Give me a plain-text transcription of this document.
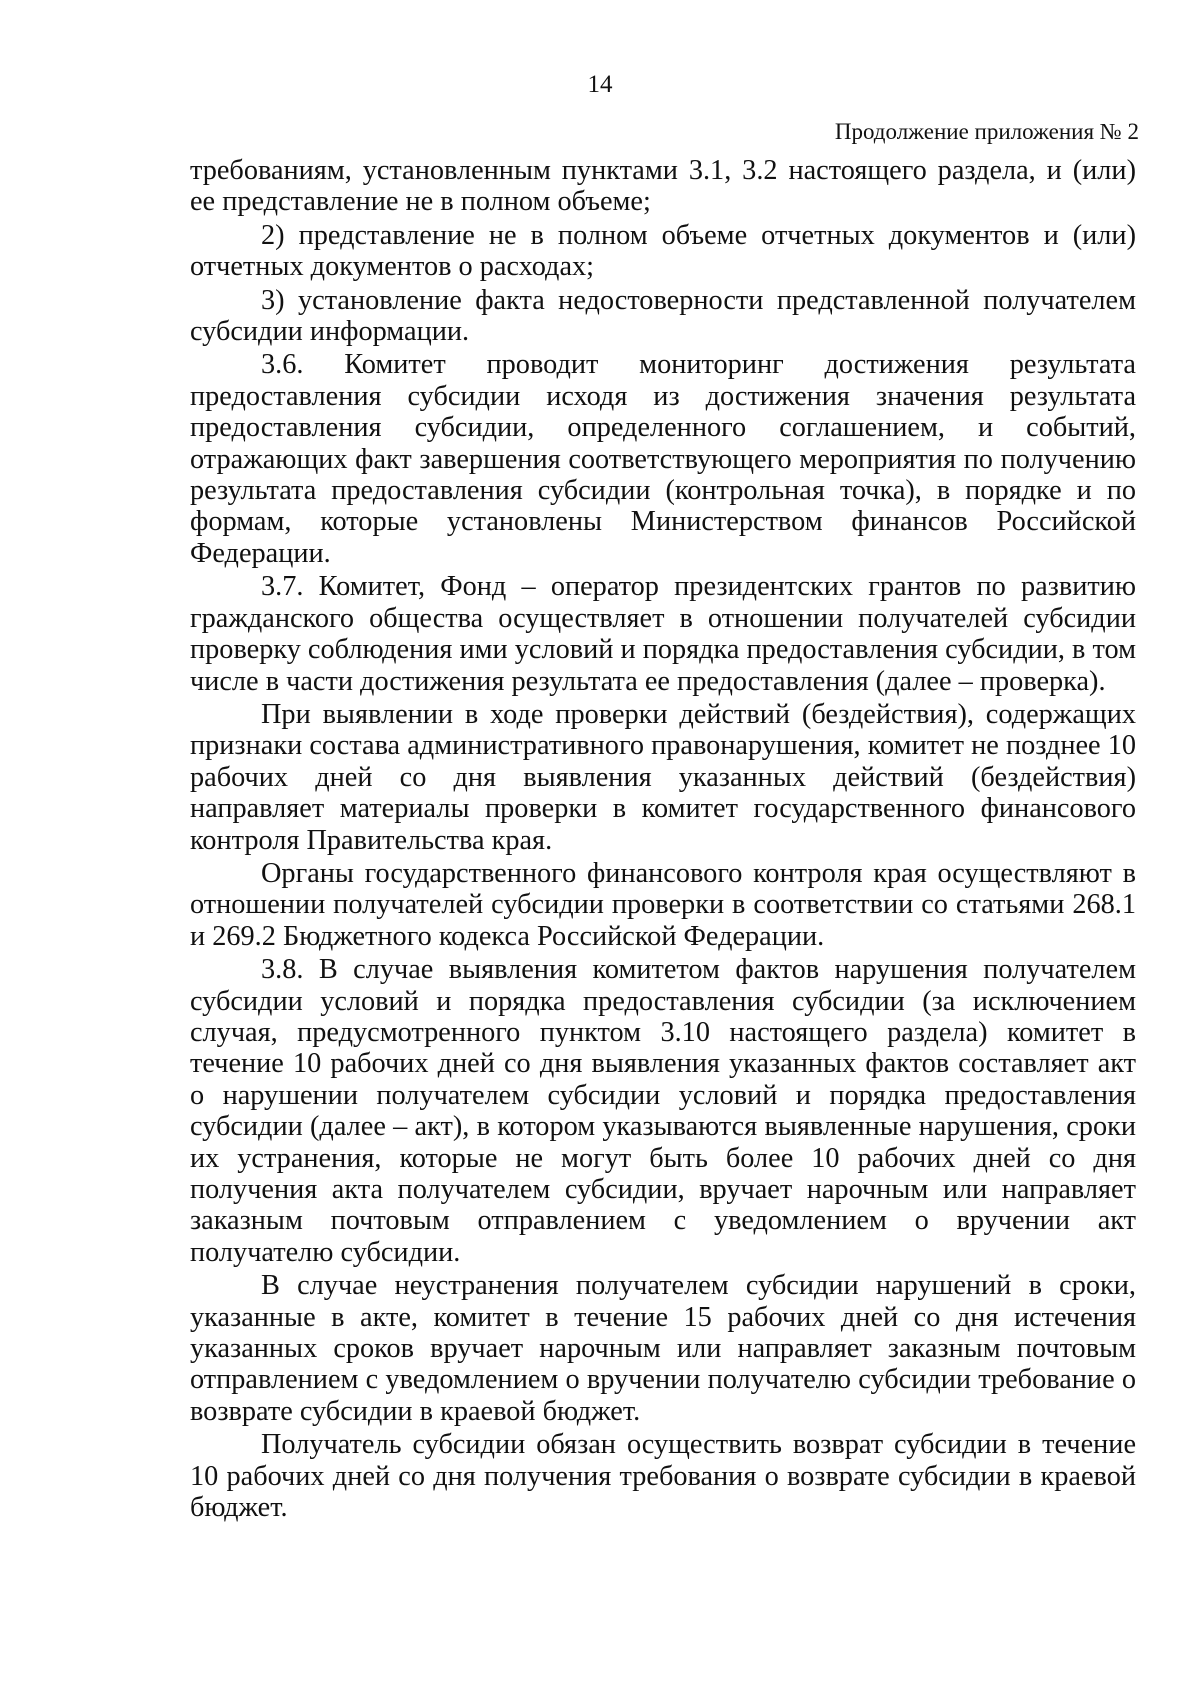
14
Продолжение приложения № 2

требованиям, установленным пунктами 3.1, 3.2 настоящего раздела, и (или) ее представление не в полном объеме;

2) представление не в полном объеме отчетных документов и (или) отчетных документов о расходах;

3) установление факта недостоверности представленной получателем субсидии информации.

3.6. Комитет проводит мониторинг достижения результата предоставления субсидии исходя из достижения значения результата предоставления субсидии, определенного соглашением, и событий, отражающих факт завершения соответствующего мероприятия по получению результата предоставления субсидии (контрольная точка), в порядке и по формам, которые установлены Министерством финансов Российской Федерации.

3.7. Комитет, Фонд – оператор президентских грантов по развитию гражданского общества осуществляет в отношении получателей субсидии проверку соблюдения ими условий и порядка предоставления субсидии, в том числе в части достижения результата ее предоставления (далее – проверка).

При выявлении в ходе проверки действий (бездействия), содержащих признаки состава административного правонарушения, комитет не позднее 10 рабочих дней со дня выявления указанных действий (бездействия) направляет материалы проверки в комитет государственного финансового контроля Правительства края.

Органы государственного финансового контроля края осуществляют в отношении получателей субсидии проверки в соответствии со статьями 268.1 и 269.2 Бюджетного кодекса Российской Федерации.

3.8. В случае выявления комитетом фактов нарушения получателем субсидии условий и порядка предоставления субсидии (за исключением случая, предусмотренного пунктом 3.10 настоящего раздела) комитет в течение 10 рабочих дней со дня выявления указанных фактов составляет акт о нарушении получателем субсидии условий и порядка предоставления субсидии (далее – акт), в котором указываются выявленные нарушения, сроки их устранения, которые не могут быть более 10 рабочих дней со дня получения акта получателем субсидии, вручает нарочным или направляет заказным почтовым отправлением с уведомлением о вручении акт получателю субсидии.

В случае неустранения получателем субсидии нарушений в сроки, указанные в акте, комитет в течение 15 рабочих дней со дня истечения указанных сроков вручает нарочным или направляет заказным почтовым отправлением с уведомлением о вручении получателю субсидии требование о возврате субсидии в краевой бюджет.

Получатель субсидии обязан осуществить возврат субсидии в течение 10 рабочих дней со дня получения требования о возврате субсидии в краевой бюджет.
